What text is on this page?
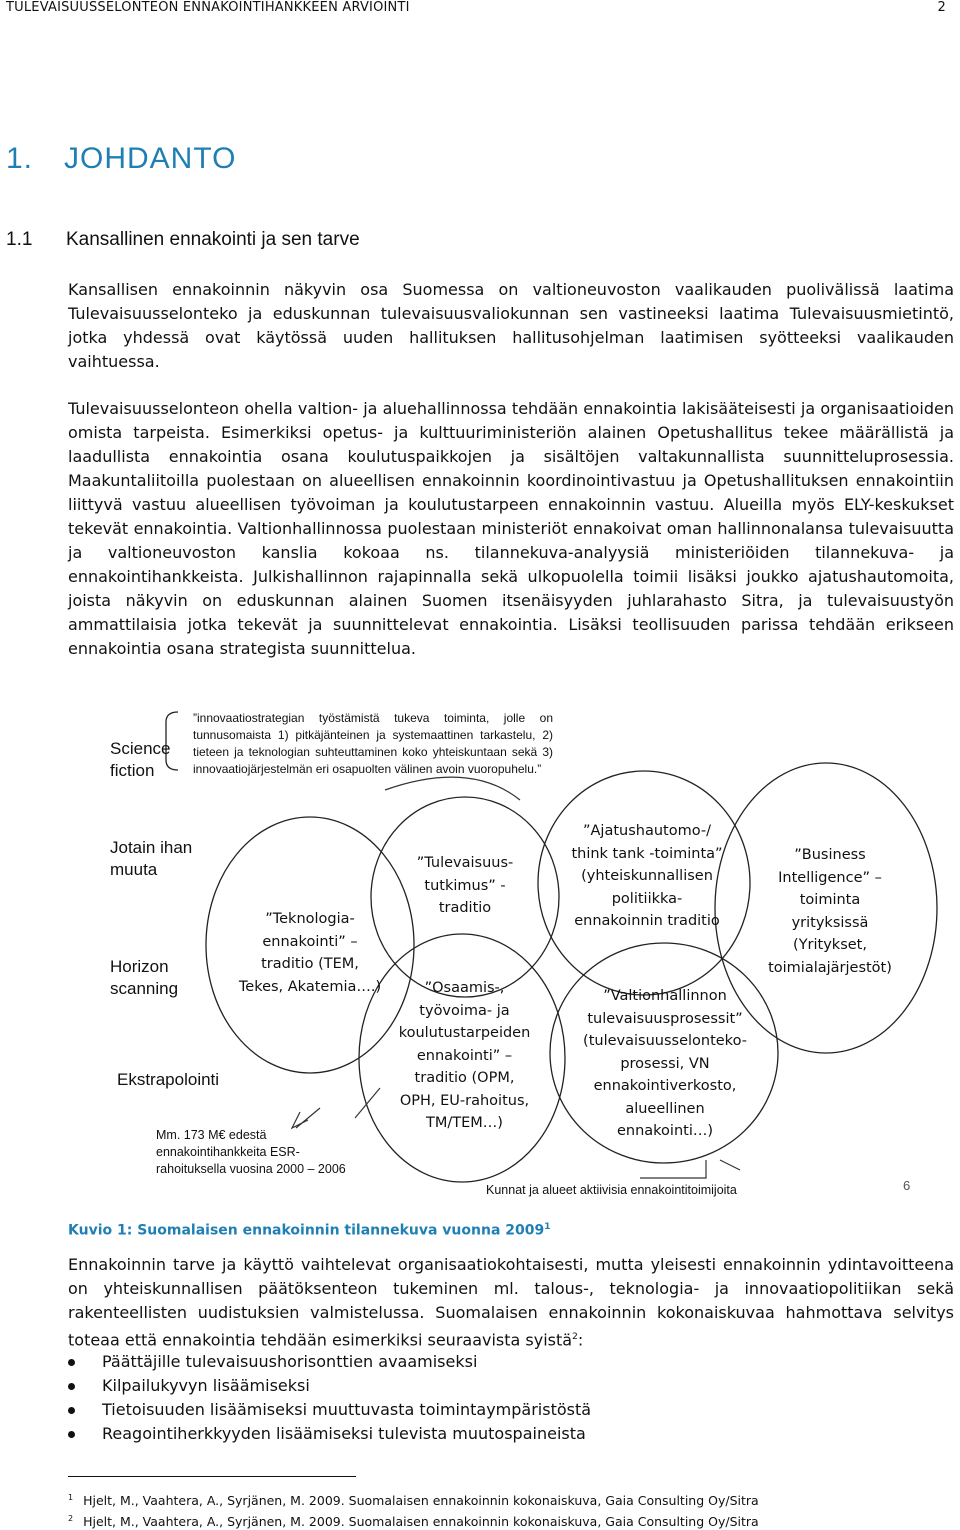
TULEVAISUUSSELONTEON ENNAKOINTIHANKKEEN ARVIOINTI	2
1. JOHDANTO
1.1 Kansallinen ennakointi ja sen tarve

Kansallisen ennakoinnin näkyvin osa Suomessa on valtioneuvoston vaalikauden puolivälissä laatima Tulevaisuusselonteko ja eduskunnan tulevaisuusvaliokunnan sen vastineeksi laatima Tulevaisuusmietintö, jotka yhdessä ovat käytössä uuden hallituksen hallitusohjelman laatimisen syötteeksi vaalikauden vaihtuessa.

Tulevaisuusselonteon ohella valtion- ja aluehallinnossa tehdään ennakointia lakisääteisesti ja organisaatioiden omista tarpeista. Esimerkiksi opetus- ja kulttuuriministeriön alainen Opetushallitus tekee määrällistä ja laadullista ennakointia osana koulutuspaikkojen ja sisältöjen valtakunnallista suunnitteluprosessia. Maakuntaliitoilla puolestaan on alueellisen ennakoinnin koordinointivastuu ja Opetushallituksen ennakointiin liittyvä vastuu alueellisen työvoiman ja koulutustarpeen ennakoinnin vastuu. Alueilla myös ELY-keskukset tekevät ennakointia. Valtionhallinnossa puolestaan ministeriöt ennakoivat oman hallinnonalansa tulevaisuutta ja valtioneuvoston kanslia kokoaa ns. tilannekuva-analyysiä ministeriöiden tilannekuva- ja ennakointihankkeista. Julkishallinnon rajapinnalla sekä ulkopuolella toimii lisäksi joukko ajatushautomoita, joista näkyvin on eduskunnan alainen Suomen itsenäisyyden juhlarahasto Sitra, ja tulevaisuustyön ammattilaisia jotka tekevät ja suunnittelevat ennakointia. Lisäksi teollisuuden parissa tehdään erikseen ennakointia osana strategista suunnittelua.

Science
fiction
Jotain ihan
muuta
Horizon
scanning
Ekstrapolointi
”innovaatiostrategian työstämistä tukeva toiminta, jolle on tunnusomaista 1) pitkäjänteinen ja systemaattinen tarkastelu, 2) tieteen ja teknologian suhteuttaminen koko yhteiskuntaan sekä 3) innovaatiojärjestelmän eri osapuolten välinen avoin vuoropuhelu.”
”Teknologia-
ennakointi” –
traditio (TEM,
Tekes, Akatemia….)
”Tulevaisuus-
tutkimus” -
traditio
”Ajatushautomo-/
think tank -toiminta”
(yhteiskunnallisen
politiikka-
ennakoinnin traditio
”Business
Intelligence” –
toiminta
yrityksissä
(Yritykset,
toimialajärjestöt)
”Osaamis-,
työvoima- ja
koulutustarpeiden
ennakointi” –
traditio (OPM,
OPH, EU-rahoitus,
TM/TEM…)
”Valtionhallinnon
tulevaisuusprosessit”
(tulevaisuusselonteko-
prosessi, VN
ennakointiverkosto,
alueellinen
ennakointi…)
Mm. 173 M€ edestä
ennakointihankkeita ESR-
rahoituksella vuosina 2000 – 2006
Kunnat ja alueet aktiivisia ennakointitoimijoita	6
Kuvio 1: Suomalaisen ennakoinnin tilannekuva vuonna 2009$^1$

Ennakoinnin tarve ja käyttö vaihtelevat organisaatiokohtaisesti, mutta yleisesti ennakoinnin ydintavoitteena on yhteiskunnallisen päätöksenteon tukeminen ml. talous-, teknologia- ja innovaatiopolitiikan sekä rakenteellisten uudistuksien valmistelussa. Suomalaisen ennakoinnin kokonaiskuvaa hahmottava selvitys toteaa että ennakointia tehdään esimerkiksi seuraavista syistä$^2$:

Päättäjille tulevaisuushorisonttien avaamiseksi
Kilpailukyvyn lisäämiseksi
Tietoisuuden lisäämiseksi muuttuvasta toimintaympäristöstä
Reagointiherkkyyden lisäämiseksi tulevista muutospaineista
$^1$ Hjelt, M., Vaahtera, A., Syrjänen, M. 2009. Suomalaisen ennakoinnin kokonaiskuva, Gaia Consulting Oy/Sitra
$^2$ Hjelt, M., Vaahtera, A., Syrjänen, M. 2009. Suomalaisen ennakoinnin kokonaiskuva, Gaia Consulting Oy/Sitra
